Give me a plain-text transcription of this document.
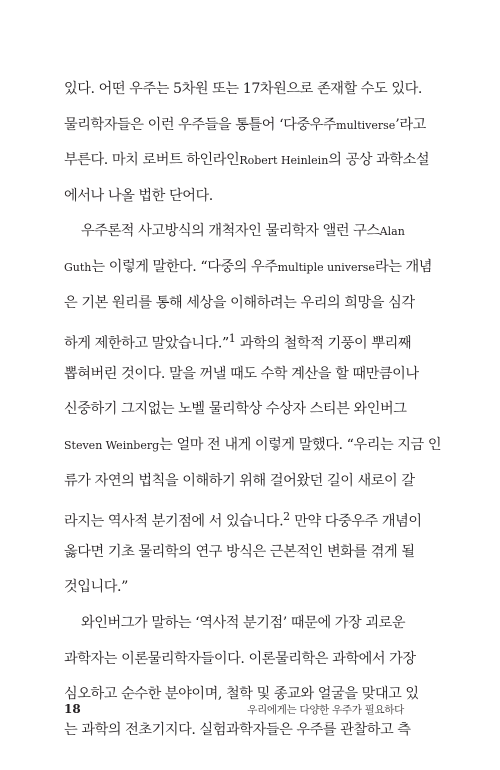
있다. 어떤 우주는 5차원 또는 17차원으로 존재할 수도 있다.
물리학자들은 이런 우주들을 통틀어 ‘다중우주multiverse’라고
부른다. 마치 로버트 하인라인Robert Heinlein의 공상 과학소설
에서나 나올 법한 단어다.
우주론적 사고방식의 개척자인 물리학자 앨런 구스Alan
Guth는 이렇게 말한다. “다중의 우주multiple universe라는 개념
은 기본 원리를 통해 세상을 이해하려는 우리의 희망을 심각
하게 제한하고 말았습니다.”$^1$ 과학의 철학적 기풍이 뿌리째
뽑혀버린 것이다. 말을 꺼낼 때도 수학 계산을 할 때만큼이나
신중하기 그지없는 노벨 물리학상 수상자 스티븐 와인버그
Steven Weinberg는 얼마 전 내게 이렇게 말했다. “우리는 지금 인
류가 자연의 법칙을 이해하기 위해 걸어왔던 길이 새로이 갈
라지는 역사적 분기점에 서 있습니다.$^2$ 만약 다중우주 개념이
옳다면 기초 물리학의 연구 방식은 근본적인 변화를 겪게 될
것입니다.”
와인버그가 말하는 ‘역사적 분기점’ 때문에 가장 괴로운
과학자는 이론물리학자들이다. 이론물리학은 과학에서 가장
심오하고 순수한 분야이며, 철학 및 종교와 얼굴을 맞대고 있
는 과학의 전초기지다. 실험과학자들은 우주를 관찰하고 측
18	우리에게는 다양한 우주가 필요하다
